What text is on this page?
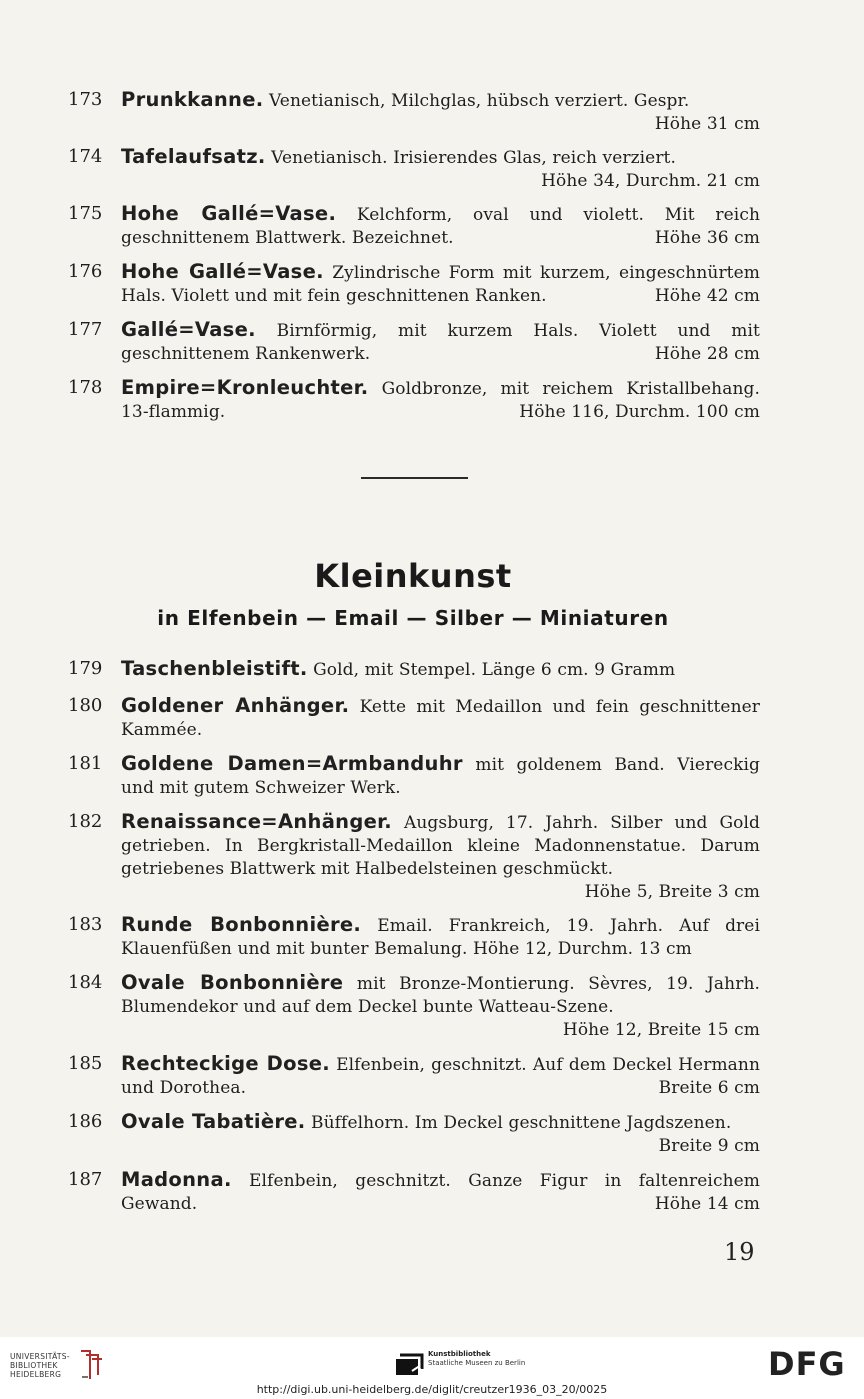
173 Prunkkanne. Venetianisch, Milchglas, hübsch verziert. Gespr.
Höhe 31 cm
174 Tafelaufsatz. Venetianisch. Irisierendes Glas, reich verziert.
Höhe 34, Durchm. 21 cm
175 Hohe Gallé=Vase. Kelchform, oval und violett. Mit reich geschnittenem Blattwerk. Bezeichnet.	Höhe 36 cm
176 Hohe Gallé=Vase. Zylindrische Form mit kurzem, eingeschnürtem Hals. Violett und mit fein geschnittenen Ranken.	Höhe 42 cm
177 Gallé=Vase. Birnförmig, mit kurzem Hals. Violett und mit geschnittenem Rankenwerk.	Höhe 28 cm
178 Empire=Kronleuchter. Goldbronze, mit reichem Kristallbehang. 13-flammig.	Höhe 116, Durchm. 100 cm
Kleinkunst
in Elfenbein — Email — Silber — Miniaturen
179 Taschenbleistift. Gold, mit Stempel. Länge 6 cm. 9 Gramm
180 Goldener Anhänger. Kette mit Medaillon und fein geschnittener Kammée.
181 Goldene Damen=Armbanduhr mit goldenem Band. Viereckig und mit gutem Schweizer Werk.
182 Renaissance=Anhänger. Augsburg, 17. Jahrh. Silber und Gold getrieben. In Bergkristall-Medaillon kleine Madonnenstatue. Darum getriebenes Blattwerk mit Halbedelsteinen geschmückt.
Höhe 5, Breite 3 cm
183 Runde Bonbonnière. Email. Frankreich, 19. Jahrh. Auf drei Klauenfüßen und mit bunter Bemalung. Höhe 12, Durchm. 13 cm
184 Ovale Bonbonnière mit Bronze-Montierung. Sèvres, 19. Jahrh. Blumendekor und auf dem Deckel bunte Watteau-Szene.
Höhe 12, Breite 15 cm
185 Rechteckige Dose. Elfenbein, geschnitzt. Auf dem Deckel Hermann und Dorothea.	Breite 6 cm
186 Ovale Tabatière. Büffelhorn. Im Deckel geschnittene Jagdszenen.
Breite 9 cm
187 Madonna. Elfenbein, geschnitzt. Ganze Figur in faltenreichem Gewand.	Höhe 14 cm
19
UNIVERSITÄTS-
BIBLIOTHEK
HEIDELBERG
Kunstbibliothek
Staatliche Museen zu Berlin	DFG
http://digi.ub.uni-heidelberg.de/diglit/creutzer1936_03_20/0025
